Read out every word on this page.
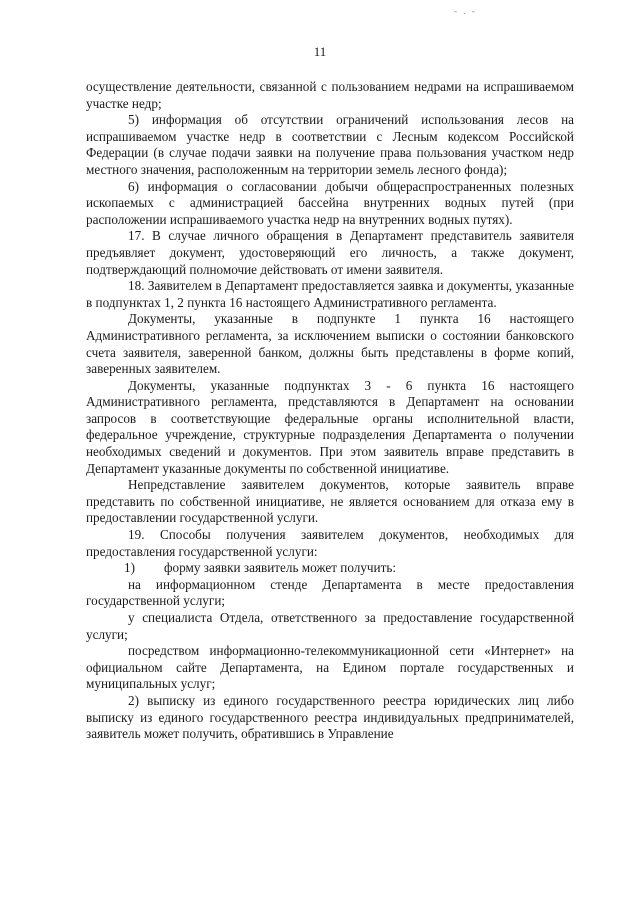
- . -
11

осуществление деятельности, связанной с пользованием недрами на испрашиваемом участке недр;

5) информация об отсутствии ограничений использования лесов на испрашиваемом участке недр в соответствии с Лесным кодексом Российской Федерации (в случае подачи заявки на получение права пользования участком недр местного значения, расположенным на территории земель лесного фонда);

6) информация о согласовании добычи общераспространенных полезных ископаемых с администрацией бассейна внутренних водных путей (при расположении испрашиваемого участка недр на внутренних водных путях).

17. В случае личного обращения в Департамент представитель заявителя предъявляет документ, удостоверяющий его личность, а также документ, подтверждающий полномочие действовать от имени заявителя.

18. Заявителем в Департамент предоставляется заявка и документы, указанные в подпунктах 1, 2 пункта 16 настоящего Административного регламента.

Документы, указанные в подпункте 1 пункта 16 настоящего Административного регламента, за исключением выписки о состоянии банковского счета заявителя, заверенной банком, должны быть представлены в форме копий, заверенных заявителем.

Документы, указанные подпунктах 3 - 6 пункта 16 настоящего Административного регламента, представляются в Департамент на основании запросов в соответствующие федеральные органы исполнительной власти, федеральное учреждение, структурные подразделения Департамента о получении необходимых сведений и документов. При этом заявитель вправе представить в Департамент указанные документы по собственной инициативе.

Непредставление заявителем документов, которые заявитель вправе представить по собственной инициативе, не является основанием для отказа ему в предоставлении государственной услуги.

19. Способы получения заявителем документов, необходимых для предоставления государственной услуги:

1)	форму заявки заявитель может получить:

на информационном стенде Департамента в месте предоставления государственной услуги;

у специалиста Отдела, ответственного за предоставление государственной услуги;

посредством информационно-телекоммуникационной сети «Интернет» на официальном сайте Департамента, на Едином портале государственных и муниципальных услуг;

2) выписку из единого государственного реестра юридических лиц либо выписку из единого государственного реестра индивидуальных предпринимателей, заявитель может получить, обратившись в Управление
